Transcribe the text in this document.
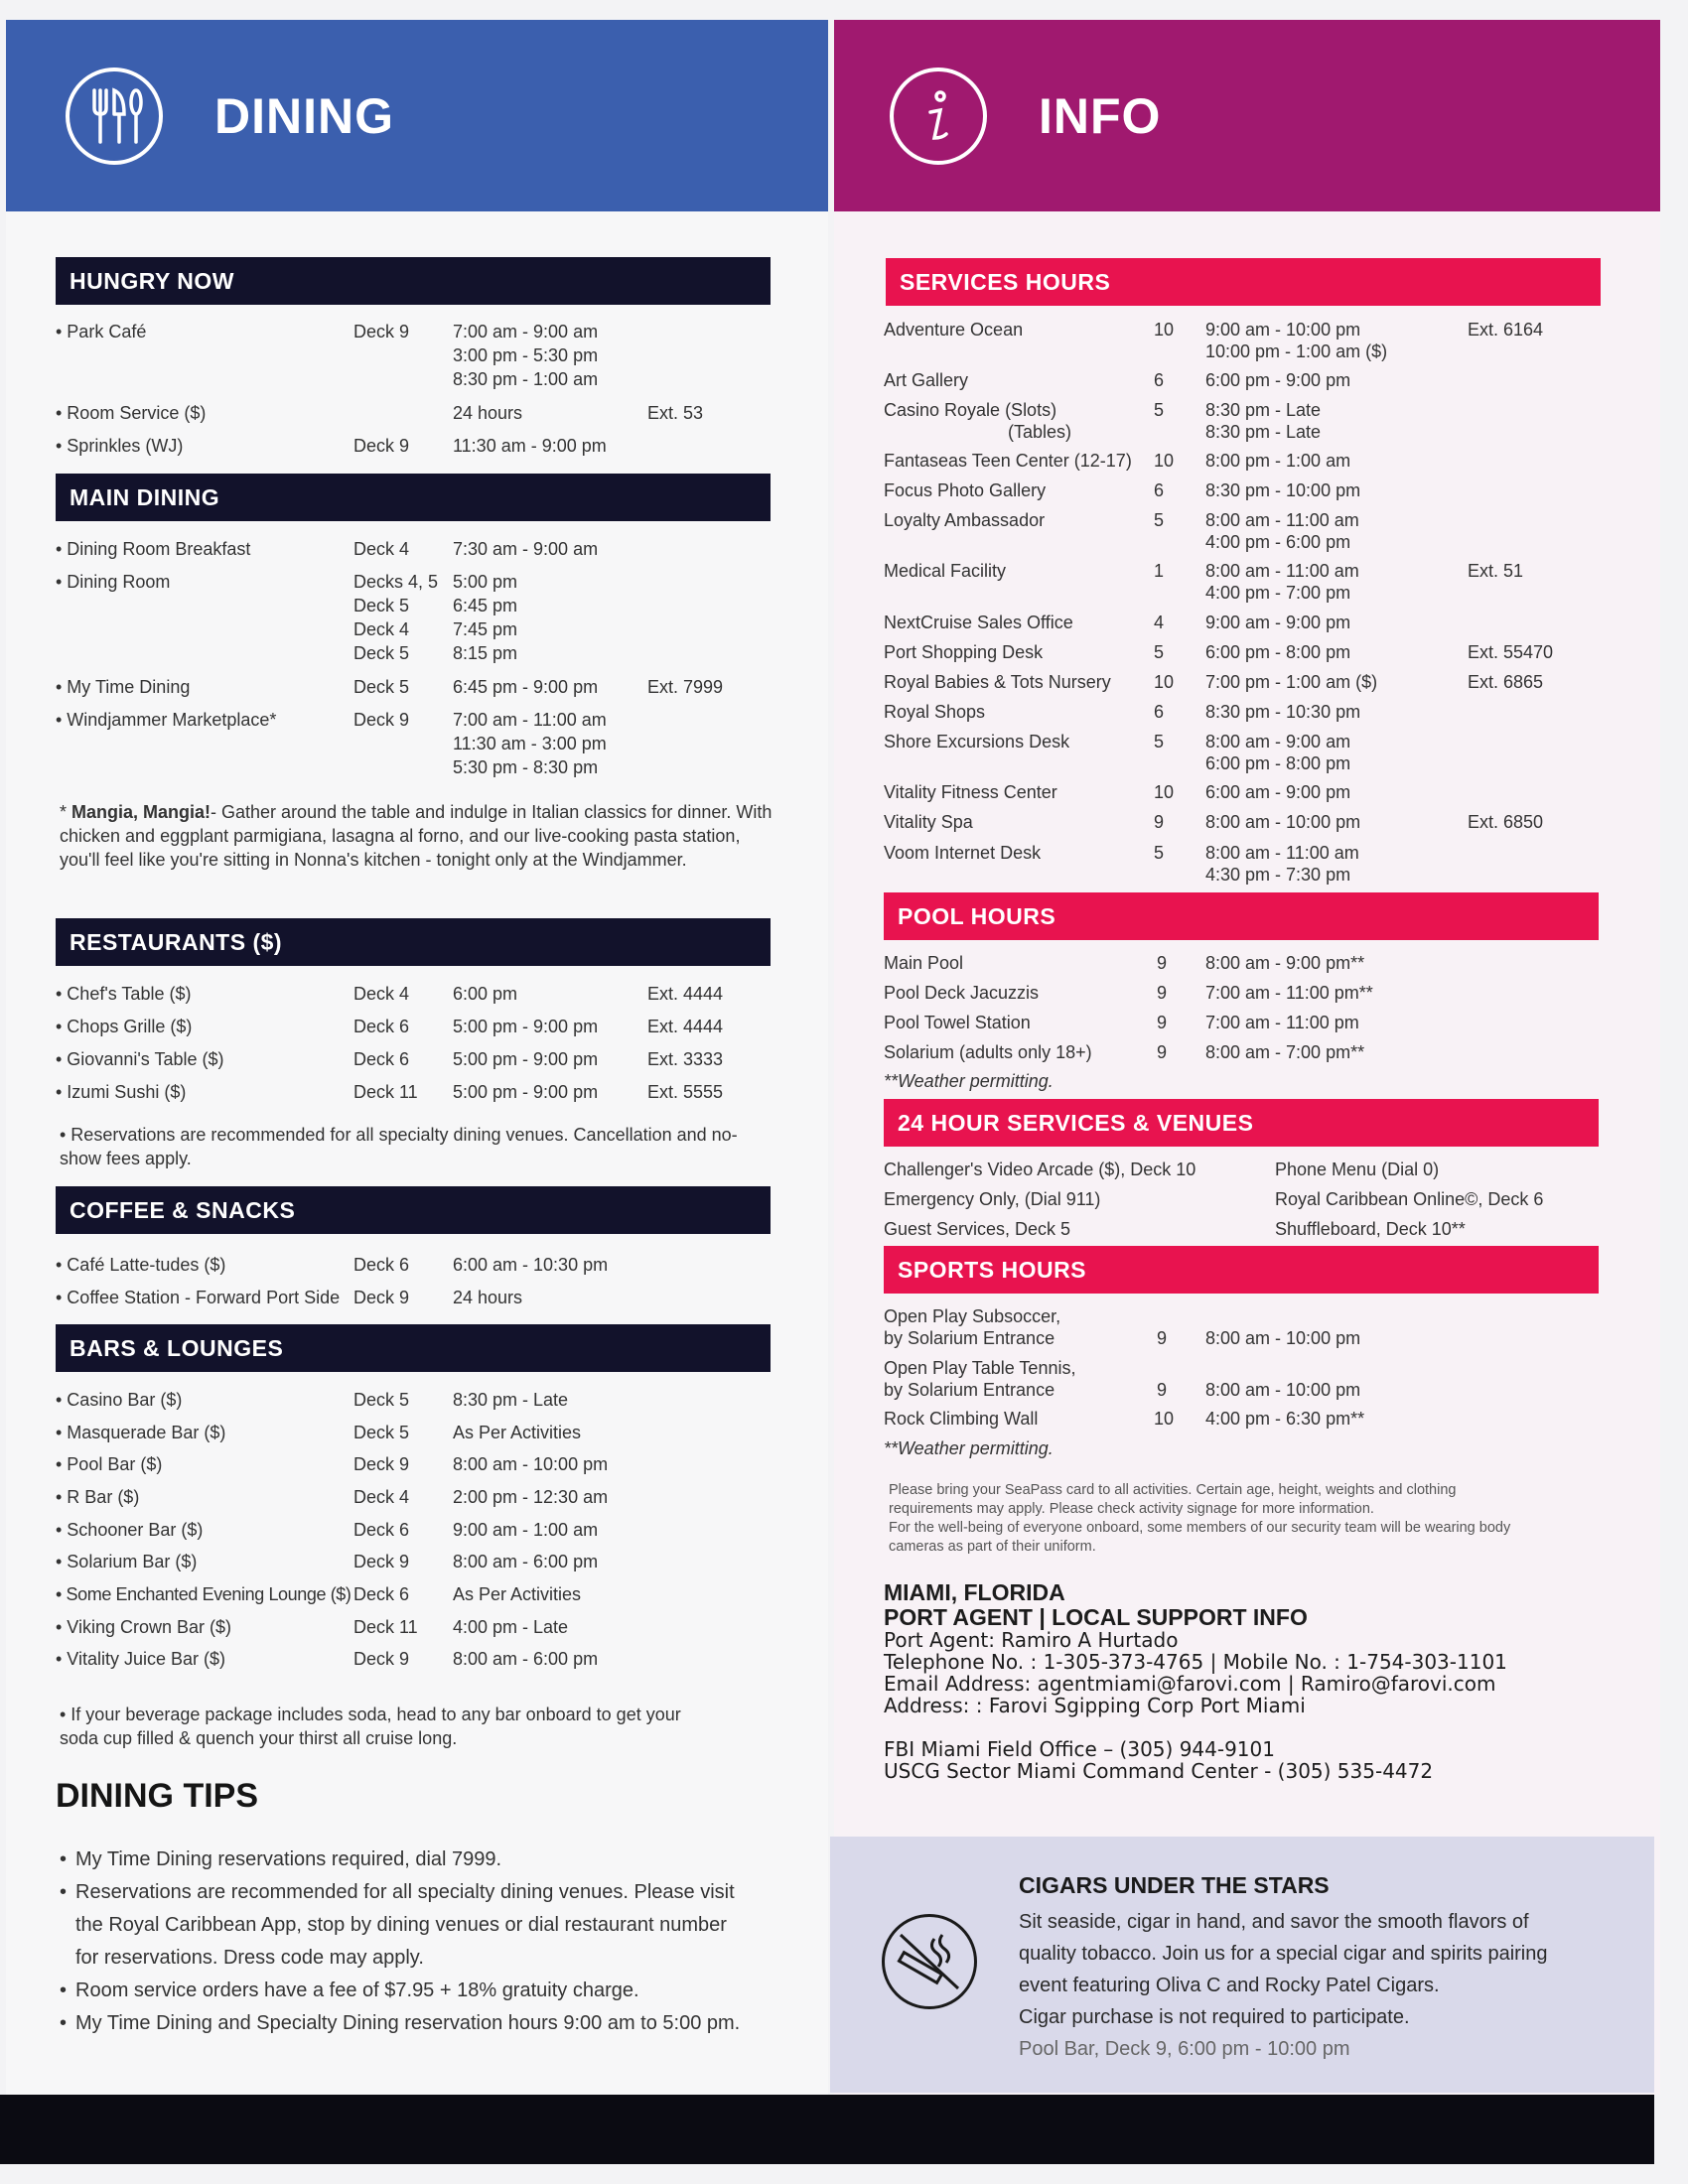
DINING
HUNGRY NOW
• Park Café	Deck 9 7:00 am - 9:00 am
3:00 pm - 5:30 pm
8:30 pm - 1:00 am
• Room Service ($)	24 hours	Ext. 53
• Sprinkles (WJ)	Deck 9 11:30 am - 9:00 pm
MAIN DINING
• Dining Room Breakfast	Deck 4 7:30 am - 9:00 am
• Dining Room	Decks 4, 5 5:00 pm
Deck 5 6:45 pm
Deck 4 7:45 pm
Deck 5 8:15 pm
• My Time Dining	Deck 5 6:45 pm - 9:00 pm	Ext. 7999
• Windjammer Marketplace*	Deck 9 7:00 am - 11:00 am
11:30 am - 3:00 pm
5:30 pm - 8:30 pm
* Mangia, Mangia!- Gather around the table and indulge in Italian classics for dinner. With chicken and eggplant parmigiana, lasagna al forno, and our live-cooking pasta station, you'll feel like you're sitting in Nonna's kitchen - tonight only at the Windjammer.
RESTAURANTS ($)
• Chef's Table ($)	Deck 4 6:00 pm	Ext. 4444
• Chops Grille ($)	Deck 6 5:00 pm - 9:00 pm	Ext. 4444
• Giovanni's Table ($)	Deck 6 5:00 pm - 9:00 pm	Ext. 3333
• Izumi Sushi ($)	Deck 11 5:00 pm - 9:00 pm	Ext. 5555
• Reservations are recommended for all specialty dining venues. Cancellation and no-show fees apply.
COFFEE & SNACKS
• Café Latte-tudes ($)	Deck 6 6:00 am - 10:30 pm
• Coffee Station - Forward Port Side Deck 9 24 hours
BARS & LOUNGES
• Casino Bar ($)	Deck 5 8:30 pm - Late
• Masquerade Bar ($)	Deck 5 As Per Activities
• Pool Bar ($)	Deck 9 8:00 am - 10:00 pm
• R Bar ($)	Deck 4 2:00 pm - 12:30 am
• Schooner Bar ($)	Deck 6 9:00 am - 1:00 am
• Solarium Bar ($)	Deck 9 8:00 am - 6:00 pm
• Some Enchanted Evening Lounge ($) Deck 6 As Per Activities
• Viking Crown Bar ($)	Deck 11 4:00 pm - Late
• Vitality Juice Bar ($)	Deck 9 8:00 am - 6:00 pm
• If your beverage package includes soda, head to any bar onboard to get your soda cup filled & quench your thirst all cruise long.
DINING TIPS
• My Time Dining reservations required, dial 7999.
• Reservations are recommended for all specialty dining venues. Please visit the Royal Caribbean App, stop by dining venues or dial restaurant number for reservations. Dress code may apply.
• Room service orders have a fee of $7.95 + 18% gratuity charge.
• My Time Dining and Specialty Dining reservation hours 9:00 am to 5:00 pm.
INFO
SERVICES HOURS
Adventure Ocean	10 9:00 am - 10:00 pm	Ext. 6164
10:00 pm - 1:00 am ($)
Art Gallery	6 6:00 pm - 9:00 pm
Casino Royale (Slots)	5 8:30 pm - Late
(Tables)	8:30 pm - Late
Fantaseas Teen Center (12-17) 10 8:00 pm - 1:00 am
Focus Photo Gallery	6 8:30 pm - 10:00 pm
Loyalty Ambassador	5 8:00 am - 11:00 am
4:00 pm - 6:00 pm
Medical Facility	1 8:00 am - 11:00 am	Ext. 51
4:00 pm - 7:00 pm
NextCruise Sales Office	4 9:00 am - 9:00 pm
Port Shopping Desk	5 6:00 pm - 8:00 pm	Ext. 55470
Royal Babies & Tots Nursery 10 7:00 pm - 1:00 am ($)	Ext. 6865
Royal Shops	6 8:30 pm - 10:30 pm
Shore Excursions Desk	5 8:00 am - 9:00 am
6:00 pm - 8:00 pm
Vitality Fitness Center	10 6:00 am - 9:00 pm
Vitality Spa	9 8:00 am - 10:00 pm	Ext. 6850
Voom Internet Desk	5 8:00 am - 11:00 am
4:30 pm - 7:30 pm
POOL HOURS
Main Pool	9 8:00 am - 9:00 pm**
Pool Deck Jacuzzis	9 7:00 am - 11:00 pm**
Pool Towel Station	9 7:00 am - 11:00 pm
Solarium (adults only 18+)	9 8:00 am - 7:00 pm**
**Weather permitting.
24 HOUR SERVICES & VENUES
Challenger's Video Arcade ($), Deck 10	Phone Menu (Dial 0)
Emergency Only, (Dial 911)	Royal Caribbean Online©, Deck 6
Guest Services, Deck 5	Shuffleboard, Deck 10**
SPORTS HOURS
Open Play Subsoccer,
by Solarium Entrance	9 8:00 am - 10:00 pm
Open Play Table Tennis,
by Solarium Entrance	9 8:00 am - 10:00 pm
Rock Climbing Wall	10 4:00 pm - 6:30 pm**
**Weather permitting.
Please bring your SeaPass card to all activities. Certain age, height, weights and clothing
requirements may apply. Please check activity signage for more information.
For the well-being of everyone onboard, some members of our security team will be wearing body
cameras as part of their uniform.
MIAMI, FLORIDA
PORT AGENT | LOCAL SUPPORT INFO
Port Agent: Ramiro A Hurtado
Telephone No. : 1-305-373-4765 | Mobile No. : 1-754-303-1101
Email Address: agentmiami@farovi.com | Ramiro@farovi.com
Address: : Farovi Sgipping Corp Port Miami
FBI Miami Field Office – (305) 944-9101
USCG Sector Miami Command Center - (305) 535-4472
CIGARS UNDER THE STARS
Sit seaside, cigar in hand, and savor the smooth flavors of
quality tobacco. Join us for a special cigar and spirits pairing
event featuring Oliva C and Rocky Patel Cigars.
Cigar purchase is not required to participate.
Pool Bar, Deck 9, 6:00 pm - 10:00 pm
